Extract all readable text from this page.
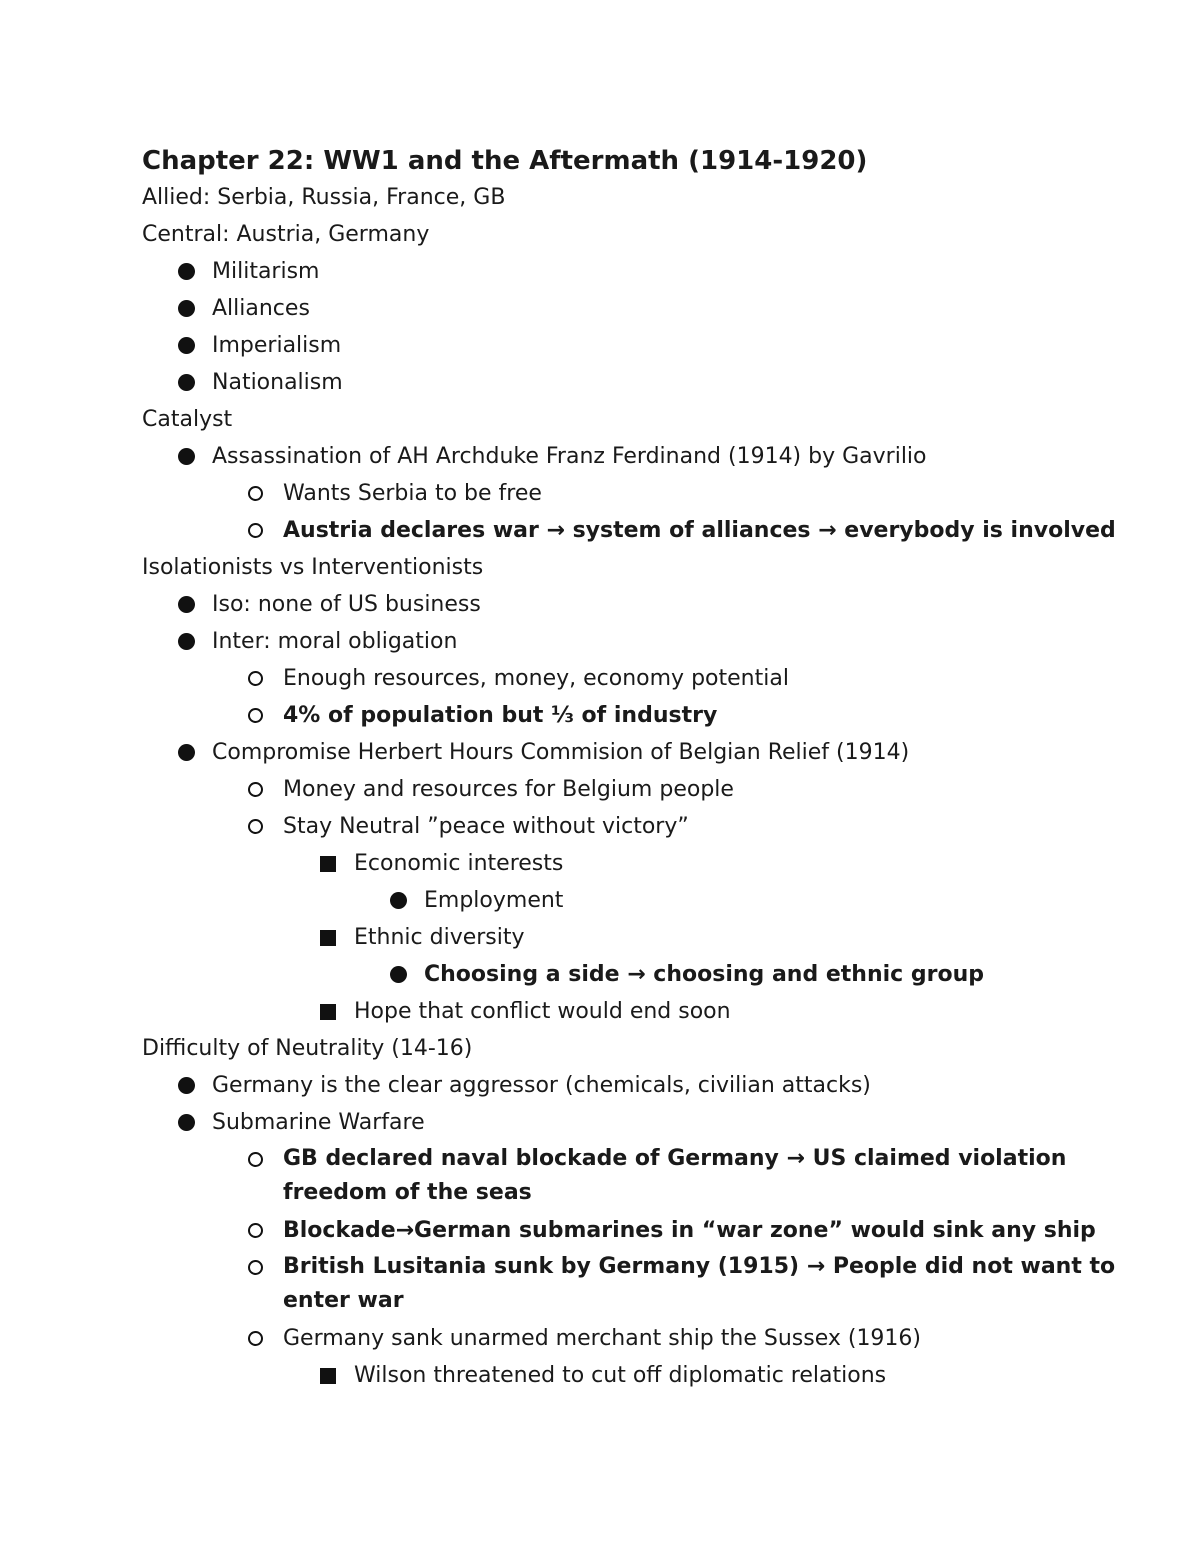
Chapter 22: WW1 and the Aftermath (1914-1920)
Allied: Serbia, Russia, France, GB
Central: Austria, Germany
Militarism
Alliances
Imperialism
Nationalism
Catalyst
Assassination of AH Archduke Franz Ferdinand (1914) by Gavrilio
Wants Serbia to be free
Austria declares war → system of alliances → everybody is involved
Isolationists vs Interventionists
Iso: none of US business
Inter: moral obligation
Enough resources, money, economy potential
4% of population but ⅓ of industry
Compromise Herbert Hours Commision of Belgian Relief (1914)
Money and resources for Belgium people
Stay Neutral ”peace without victory”
Economic interests
Employment
Ethnic diversity
Choosing a side → choosing and ethnic group
Hope that conflict would end soon
Difficulty of Neutrality (14-16)
Germany is the clear aggressor (chemicals, civilian attacks)
Submarine Warfare
GB declared naval blockade of Germany → US claimed violation freedom of the seas
Blockade→German submarines in “war zone” would sink any ship
British Lusitania sunk by Germany (1915) → People did not want to enter war
Germany sank unarmed merchant ship the Sussex (1916)
Wilson threatened to cut off diplomatic relations
